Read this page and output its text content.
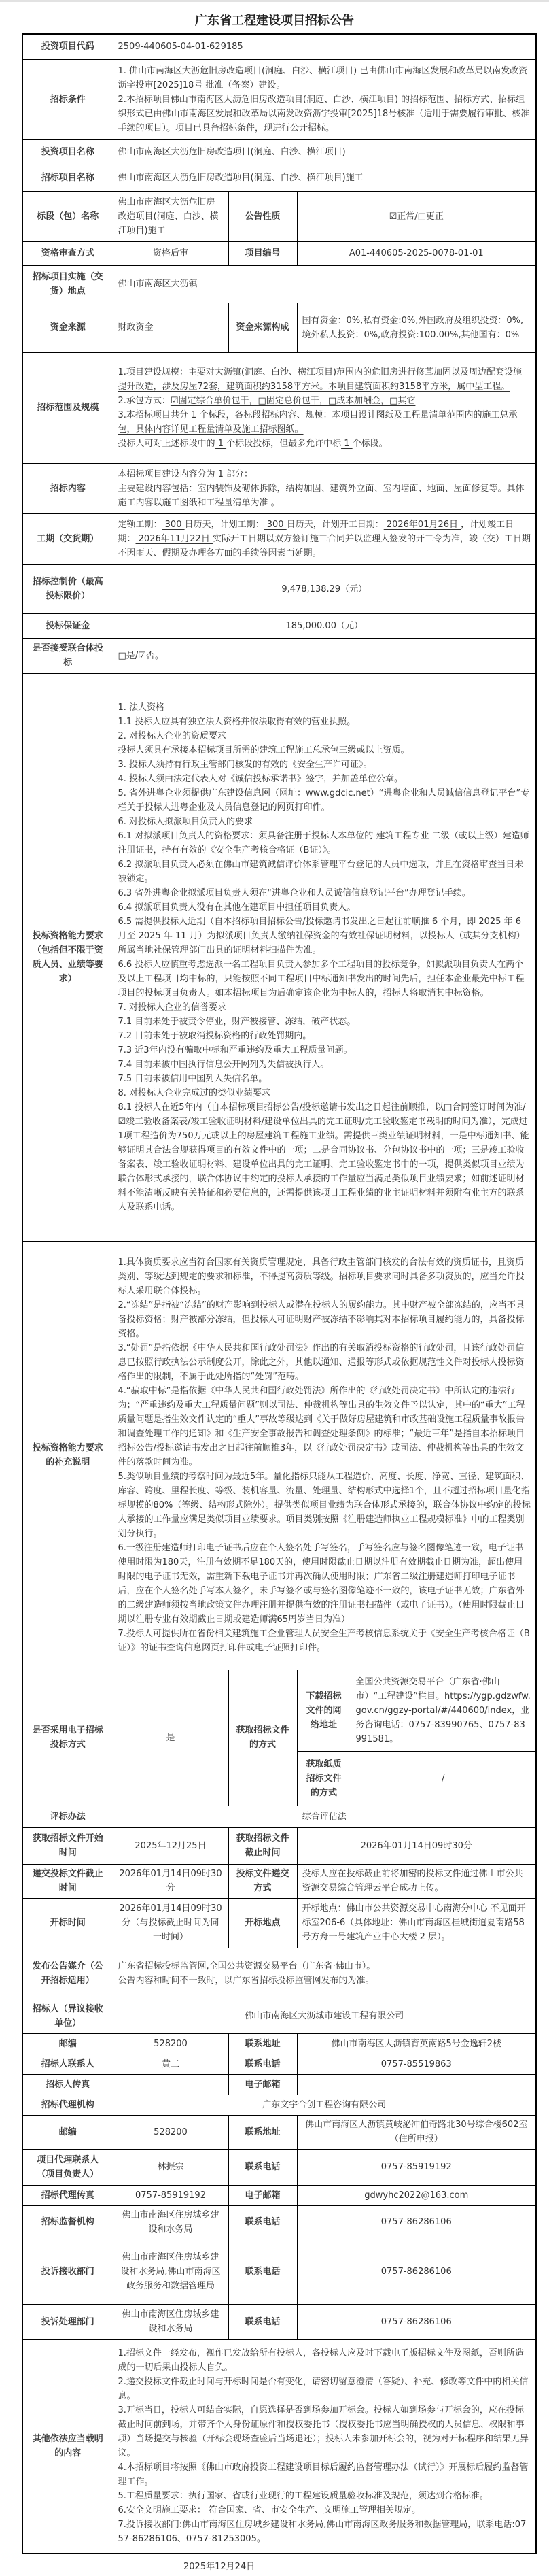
广东省工程建设项目招标公告
投资项目代码	2509-440605-04-01-629185			
招标条件	1. 佛山市南海区大沥危旧房改造项目(洞庭、白沙、横江项目) 已由佛山市南海区发展和改革局以南发改资沥字投审[2025]18号 批准（备案）建设。
2.本招标项目佛山市南海区大沥危旧房改造项目(洞庭、白沙、横江项目) 的招标范围、招标方式、招标组织形式已由佛山市南海区发展和改革局以南发改资沥字投审[2025]18号核准（适用于需要履行审批、核准手续的项目）。项目已具备招标条件，现进行公开招标。			

投资项目名称	佛山市南海区大沥危旧房改造项目(洞庭、白沙、横江项目)			
招标项目名称	佛山市南海区大沥危旧房改造项目(洞庭、白沙、横江项目)施工			
标段（包）名称	佛山市南海区大沥危旧房改造项目(洞庭、白沙、横江项目)施工	公告性质	☑正常/□更正	
资格审查方式	资格后审	项目编号	A01-440605-2025-0078-01-01	
招标项目实施（交货）地点	佛山市南海区大沥镇			
资金来源	财政资金	资金来源构成	国有资金：0%,私有资金:0%,外国政府及组织投资：0%,境外私人投资：0%,政府投资:100.00%,其他国有：0%	
招标范围及规模	1.项目建设规模：主要对大沥镇(洞庭、白沙、横江项目)范围内的危旧房进行修葺加固以及周边配套设施提升改造，涉及房屋72套，建筑面积约3158平方米。本项目建筑面积约3158平方米，属中型工程。
2.承包方式：☑固定综合单价包干，□固定总价包干，□成本加酬金，□其它
3.本招标项目共分 1 个标段，各标段招标内容、规模：本项目设计图纸及工程量清单范围内的施工总承包，具体内容详见工程量清单及施工招标图纸。
投标人可对上述标段中的 1 个标段投标，但最多允许中标 1 个标段。			

招标内容	本招标项目建设内容分为 1 部分：
主要建设内容包括：室内装饰及砌体拆除，结构加固、建筑外立面、室内墙面、地面、屋面修复等。具体施工内容以施工图纸和工程量清单为准 。			

工期（交货期）	定额工期： 300 日历天，计划工期： 300 日历天，计划开工日期： 2026年01月26日 ，计划竣工日期： 2026年11月22日 实际开工日期以双方签订施工合同并以监理人签发的开工令为准，竣（交）工日期不因雨天、假期及办理各方面的手续等因素而延期。			

招标控制价（最高投标限价）	9,478,138.29（元）			
投标保证金	185,000.00（元）			
是否接受联合体投标	□是/☑否。			
投标资格能力要求（包括但不限于资质人员、业绩等要求）	
1. 法人资格
1.1 投标人应具有独立法人资格并依法取得有效的营业执照。
2. 对投标人企业的资质要求
投标人须具有承接本招标项目所需的建筑工程施工总承包三级或以上资质。
3. 投标人须持有行政主管部门核发的有效的《安全生产许可证》。
4. 投标人须由法定代表人对《诚信投标承诺书》签字，并加盖单位公章。
5. 省外进粤企业须提供广东建设信息网（网址：www.gdcic.net）“进粤企业和人员诚信信息登记平台”专栏关于投标人进粤企业及人员信息登记的网页打印件。
6. 对投标人拟派项目负责人的要求
6.1 对拟派项目负责人的资格要求：须具备注册于投标人本单位的 建筑工程专业 二级（或以上级）建造师注册证书，持有有效的《安全生产考核合格证（B证）》。
6.2 拟派项目负责人必须在佛山市建筑诚信评价体系管理平台登记的人员中选取，并且在资格审查当日未被锁定。
6.3 省外进粤企业拟派项目负责人须在“进粤企业和人员诚信信息登记平台”办理登记手续。
6.4 拟派项目负责人没有在其他在建项目中担任项目负责人。
6.5 需提供投标人近期（自本招标项目招标公告/投标邀请书发出之日起往前顺推 6 个月，即 2025 年 6 月至 2025 年 11 月）为拟派项目负责人缴纳社保资金的有效社保证明材料，以投标人（或其分支机构）所属当地社保管理部门出具的证明材料扫描件为准。
6.6 投标人应慎重考虑选派一名工程项目负责人参加多个工程项目的投标竞争，如拟派项目负责人在两个及以上工程项目均中标的，只能按照不同工程项目中标通知书发出的时间先后，担任本企业最先中标工程项目的投标项目负责人。如本招标项目为后确定该企业为中标人的，招标人将取消其中标资格。
7. 对投标人企业的信誉要求
7.1 目前未处于被责令停业，财产被接管、冻结，破产状态。
7.2 目前未处于被取消投标资格的行政处罚期内。
7.3 近3年内没有骗取中标和严重违约及重大工程质量问题。
7.4 目前未被中国执行信息公开网列为失信被执行人。
7.5 目前未被信用中国列入失信名单。
8. 对投标人企业完成过的类似业绩要求
8.1 投标人在近5年内（自本招标项目招标公告/投标邀请书发出之日起往前顺推，以□合同签订时间为准/☑竣工验收备案表/竣工验收证明材料/建设单位出具的完工证明/完工验收鉴定书载明的时间为准），完成过1项工程造价为750万元或以上的房屋建筑工程施工业绩。需提供三类业绩证明材料，一是中标通知书、能够证明其合法合规获得项目的有效文件中的一项；二是合同协议书、分包协议书中的一项；三是竣工验收备案表、竣工验收证明材料、建设单位出具的完工证明、完工验收鉴定书中的一项，提供类似项目业绩为联合体形式承接的，联合体协议中约定的投标人承接的工作量应当满足类似项目业绩要求；如前述证明材料不能清晰反映有关特征和必要信息的，还需提供该项目工程业绩的业主证明材料并须附有业主方的联系人及联系电话。

投标资格能力要求的补充说明	
1.具体资质要求应当符合国家有关资质管理规定，具备行政主管部门核发的合法有效的资质证书，且资质类别、等级达到规定的要求和标准，不得提高资质等级。招标项目要求同时具备多项资质的，应当允许投标人采用联合体投标。
2.“冻结”是指被“冻结”的财产影响到投标人或潜在投标人的履约能力。其中财产被全部冻结的，应当不具备投标资格；财产被部分冻结，但投标人可证明财产被冻结不影响其对本招标项目履约能力的，具备投标资格。
3.“处罚”是指依据《中华人民共和国行政处罚法》作出的有关取消投标资格的行政处罚，且该行政处罚信息已按照行政执法公示制度公开，除此之外，其他以通知、通报等形式或依据规范性文件对投标人投标资格作出的限制，不属于此处所指的“处罚”范畴。
4.“骗取中标”是指依据《中华人民共和国行政处罚法》所作出的《行政处罚决定书》中所认定的违法行为；“严重违约及重大工程质量问题”则以司法、仲裁机构等出具的生效文件予以认定，其中的“重大”工程质量问题是指生效文件认定的“重大”事故等级达到《关于做好房屋建筑和市政基础设施工程质量事故报告和调查处理工作的通知》和《生产安全事故报告和调查处理条例》的标准；“最近三年”是指自本招标项目招标公告/投标邀请书发出之日起往前顺推3年，以《行政处罚决定书》或司法、仲裁机构等出具的生效文件的落款时间为准。
5.类似项目业绩的考察时间为最近5年。量化指标只能从工程造价、高度、长度、净宽、直径、建筑面积、库容、跨度、里程长度、等级、装机容量、流量、处理量、结构形式中选择1个，且不超过招标项目量化指标规模的80%（等级、结构形式除外）。提供类似项目业绩为联合体形式承接的，联合体协议中约定的投标人承接的工作量应满足类似项目业绩要求。项目类别按照《注册建造师执业工程规模标准》中的工程类别划分执行。
6.一级注册建造师打印电子证书后应在个人签名处手写签名，手写签名应与签名图像笔迹一致，电子证书使用时限为180天，注册有效期不足180天的，使用时限截止日期以注册有效期截止日期为准，超出使用时限的电子证书无效，需重新下载电子证书并再次确认使用时限；广东省二级注册建造师打印电子证书后，应在个人签名处手写本人签名，未手写签名或与签名图像笔迹不一致的，该电子证书无效；广东省外的二级建造师须按当地政策文件办理注册并提供有效的注册证书扫描件（或电子证书）。（使用时限截止日期以注册专业有效期截止日期或建造师满65周岁当日为准）
7.投标人可提供所在省份相关建筑施工企业管理人员安全生产考核信息系统关于《安全生产考核合格证（B证）》的证书查询信息网页打印件或电子证照打印件。

是否采用电子招标投标方式	是	获取招标文件的方式	下载招标文件的网络地址	全国公共资源交易平台（广东省·佛山市）“工程建设”栏目。https://ygp.gdzwfw.gov.cn/ggzy-portal/#/440600/index，业务咨询电话：0757-83990765、0757-83991581。
			获取纸质招标文件的方式	/
评标办法	综合评估法			
获取招标文件开始时间	2025年12月25日	获取招标文件截止时间	2026年01月14日09时30分	
递交投标文件截止时间	2026年01月14日09时30分	投标文件递交方式	投标人应在投标截止前将加密的投标文件通过佛山市公共资源交易综合管理云平台成功上传。	
开标时间	2026年01月14日09时30分（与投标截止时间为同一时间）	开标地点	开标地点：佛山市公共资源交易中心南海分中心 不见面开标室206-6（具体地址：佛山市南海区桂城街道夏南路58 号方舟一号建筑产业中心大楼 2 层）。	
发布公告媒介（公开招标适用）	广东省招标投标监管网,全国公共资源交易平台（广东省·佛山市）。
公告内容和时间不一致时，以广东省招标投标监管网发布的为准。			

招标人（异议接收单位）	佛山市南海区大沥城市建设工程有限公司			
邮编	528200	联系地址	佛山市南海区大沥镇育英南路5号金逸轩2楼	
招标人联系人	黄工	联系电话	0757-85519863	
招标人传真		电子邮箱		
招标代理机构	广东文宇合创工程咨询有限公司			
邮编	528200	联系地址	佛山市南海区大沥镇黄岐泌冲伯奇路北30号综合楼602室（住所申报）	
项目代理联系人（项目负责人）	林振宗	联系电话	0757-85919192	
招标代理传真	0757-85919192	电子邮箱	gdwyhc2022@163.com	
招标监督机构	佛山市南海区住房城乡建设和水务局	联系电话	0757-86286106	
投诉接收部门	佛山市南海区住房城乡建设和水务局,佛山市南海区政务服务和数据管理局	联系电话	0757-86286106	
投诉处理部门	佛山市南海区住房城乡建设和水务局	联系电话	0757-86286106	
其他依法应当载明的内容	
1.招标文件一经发布，视作已发放给所有投标人，各投标人应及时下载电子版招标文件及图纸，否则所造成的一切后果由投标人自负。
2.递交投标文件截止时间与开标时间是否有变化，请密切留意澄清（答疑）、补充、修改等文件中的相关信息。
3.开标当日，投标人可结合实际，自愿选择是否到场参加开标会。投标人如到场参与开标会的，应在投标截止时间前到场，并带齐个人身份证原件和授权委托书（授权委托书应当明确授权的人员信息、权限和事项）当场提交与核验（开标会现场查验后当场退还）；投标人未参加开标会的，视为对开标程序和结果无异议。
4.本招标项目将按照《佛山市政府投资工程建设项目标后履约监督管理办法（试行）》开展标后履约监督管理工作。
5.工程质量要求：执行国家、省或行业现行的工程建设质量验收标准及规范，须达到合格标准。
6.安全文明施工要求： 符合国家、省、市安全生产、文明施工管理相关规定。
7.投诉接收部门:佛山市南海区住房城乡建设和水务局,佛山市南海区政务服务和数据管理局，联系电话:0757-86286106、0757-81253005。
2025年12月24日
